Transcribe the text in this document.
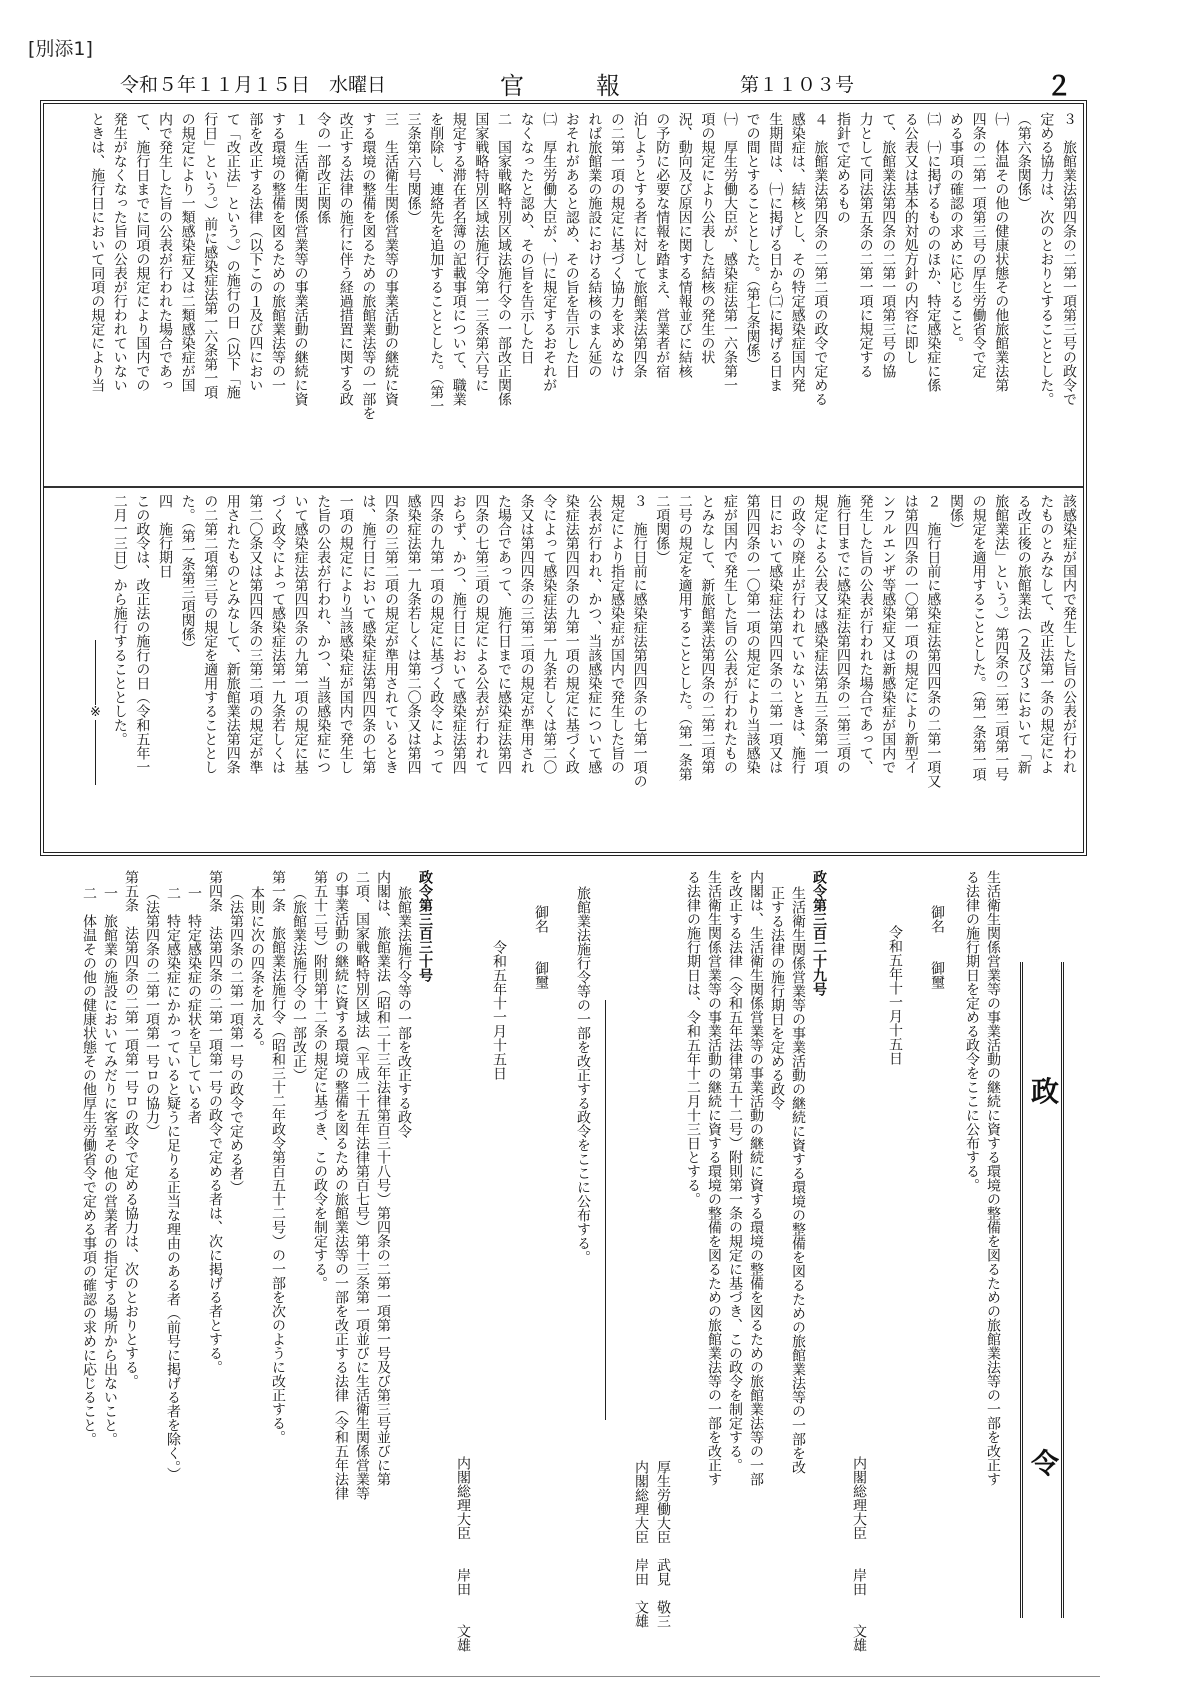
[別添1]
令和５年１１月１５日　水曜日	官報	第１１０３号	２
３　旅館業法第四条の二第一項第三号の政令で
定める協力は、次のとおりとすることとした。
（第六条関係）
㈠　体温その他の健康状態その他旅館業法第
四条の二第一項第三号の厚生労働省令で定
める事項の確認の求めに応じること。
㈡　㈠に掲げるもののほか、特定感染症に係
る公表又は基本的対処方針の内容に即し
て、旅館業法第四条の二第一項第三号の協
力として同法第五条の二第一項に規定する
指針で定めるもの
４　旅館業法第四条の二第二項の政令で定める
感染症は、結核とし、その特定感染症国内発
生期間は、㈠に掲げる日から㈡に掲げる日ま
での間とすることとした。（第七条関係）
㈠　厚生労働大臣が、感染症法第一六条第一
項の規定により公表した結核の発生の状
況、動向及び原因に関する情報並びに結核
の予防に必要な情報を踏まえ、営業者が宿
泊しようとする者に対して旅館業法第四条
の二第一項の規定に基づく協力を求めなけ
れば旅館業の施設における結核のまん延の
おそれがあると認め、その旨を告示した日
㈡　厚生労働大臣が、㈠に規定するおそれが
なくなったと認め、その旨を告示した日
二　国家戦略特別区域法施行令の一部改正関係
国家戦略特別区域法施行令第一三条第六号に
規定する滞在者名簿の記載事項について、職業
を削除し、連絡先を追加することとした。（第一
三条第六号関係）
三　生活衛生関係営業等の事業活動の継続に資
する環境の整備を図るための旅館業法等の一部を
改正する法律の施行に伴う経過措置に関する政
令の一部改正関係
１　生活衛生関係営業等の事業活動の継続に資
する環境の整備を図るための旅館業法等の一
部を改正する法律（以下この１及び四におい
て「改正法」という。）の施行の日（以下「施
行日」という。）前に感染症法第一六条第一項
の規定により一類感染症又は二類感染症が国
内で発生した旨の公表が行われた場合であっ
て、施行日までに同項の規定により国内での
発生がなくなった旨の公表が行われていない
ときは、施行日において同項の規定により当
該感染症が国内で発生した旨の公表が行われ
たものとみなして、改正法第一条の規定によ
る改正後の旅館業法（２及び３において「新
旅館業法」という。）第四条の二第二項第一号
の規定を適用することとした。（第一条第一項
関係）
２　施行日前に感染症法第四四条の二第一項又
は第四四条の一〇第一項の規定により新型イ
ンフルエンザ等感染症又は新感染症が国内で
発生した旨の公表が行われた場合であって、
施行日までに感染症法第四四条の二第三項の
規定による公表又は感染症法第五三条第一項
の政令の廃止が行われていないときは、施行
日において感染症法第四四条の二第一項又は
第四四条の一〇第一項の規定により当該感染
症が国内で発生した旨の公表が行われたもの
とみなして、新旅館業法第四条の二第二項第
二号の規定を適用することとした。（第一条第
二項関係）
３　施行日前に感染症法第四四条の七第一項の
規定により指定感染症が国内で発生した旨の
公表が行われ、かつ、当該感染症について感
染症法第四四条の九第一項の規定に基づく政
令によって感染症法第一九条若しくは第二〇
条又は第四四条の三第二項の規定が準用され
た場合であって、施行日までに感染症法第四
四条の七第三項の規定による公表が行われて
おらず、かつ、施行日において感染症法第四
四条の九第一項の規定に基づく政令によって
感染症法第一九条若しくは第二〇条又は第四
四条の三第二項の規定が準用されているとき
は、施行日において感染症法第四四条の七第
一項の規定により当該感染症が国内で発生し
た旨の公表が行われ、かつ、当該感染症につ
いて感染症法第四四条の九第一項の規定に基
づく政令によって感染症法第一九条若しくは
第二〇条又は第四四条の三第二項の規定が準
用されたものとみなして、新旅館業法第四条
の二第二項第三号の規定を適用することとし
た。（第一条第三項関係）
四　施行期日
この政令は、改正法の施行の日（令和五年一
二月一三日）から施行することとした。
―――――※―――――
政
令
生活衛生関係営業等の事業活動の継続に資する環境の整備を図るための旅館業法等の一部を改正す
る法律の施行期日を定める政令をここに公布する。
御名　　御璽
令和五年十一月十五日
内閣総理大臣　　岸田　　文雄
政令第三百二十九号
生活衛生関係営業等の事業活動の継続に資する環境の整備を図るための旅館業法等の一部を改
正する法律の施行期日を定める政令
内閣は、生活衛生関係営業等の事業活動の継続に資する環境の整備を図るための旅館業法等の一部
を改正する法律（令和五年法律第五十二号）附則第一条の規定に基づき、この政令を制定する。
生活衛生関係営業等の事業活動の継続に資する環境の整備を図るための旅館業法等の一部を改正す
る法律の施行期日は、令和五年十二月十三日とする。
厚生労働大臣　武見　敬三
内閣総理大臣　岸田　文雄
旅館業法施行令等の一部を改正する政令をここに公布する。
御名　　御璽
令和五年十一月十五日
内閣総理大臣　　岸田　　文雄
政令第三百三十号
旅館業法施行令等の一部を改正する政令
内閣は、旅館業法（昭和二十三年法律第百三十八号）第四条の二第一項第一号及び第三号並びに第
二項、国家戦略特別区域法（平成二十五年法律第百七号）第十三条第一項並びに生活衛生関係営業等
の事業活動の継続に資する環境の整備を図るための旅館業法等の一部を改正する法律（令和五年法律
第五十二号）附則第十二条の規定に基づき、この政令を制定する。
（旅館業法施行令の一部改正）
第一条　旅館業法施行令（昭和三十二年政令第百五十二号）の一部を次のように改正する。
本則に次の四条を加える。
（法第四条の二第一項第一号の政令で定める者）
第四条　法第四条の二第一項第一号の政令で定める者は、次に掲げる者とする。
一　特定感染症の症状を呈している者
二　特定感染症にかかっていると疑うに足りる正当な理由のある者（前号に掲げる者を除く。）
（法第四条の二第一項第一号ロの協力）
第五条　法第四条の二第一項第一号ロの政令で定める協力は、次のとおりとする。
一　旅館業の施設においてみだりに客室その他の営業者の指定する場所から出ないこと。
二　体温その他の健康状態その他厚生労働省令で定める事項の確認の求めに応じること。
